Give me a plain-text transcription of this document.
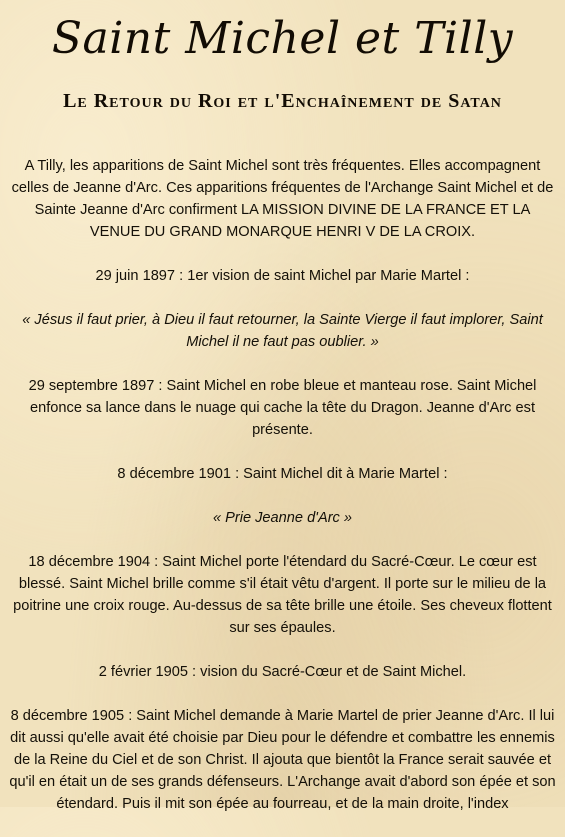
Saint Michel et Tilly
Le Retour du Roi et l'Enchaînement de Satan

A Tilly, les apparitions de Saint Michel sont très fréquentes. Elles accompagnent celles de Jeanne d'Arc. Ces apparitions fréquentes de l'Archange Saint Michel et de Sainte Jeanne d'Arc confirment LA MISSION DIVINE DE LA FRANCE ET LA VENUE DU GRAND MONARQUE HENRI V DE LA CROIX.

29 juin 1897 : 1er vision de saint Michel par Marie Martel :

« Jésus il faut prier, à Dieu il faut retourner, la Sainte Vierge il faut implorer, Saint Michel il ne faut pas oublier. »

29 septembre 1897 : Saint Michel en robe bleue et manteau rose. Saint Michel enfonce sa lance dans le nuage qui cache la tête du Dragon. Jeanne d'Arc est présente.

8 décembre 1901 : Saint Michel dit à Marie Martel :

« Prie Jeanne d'Arc »

18 décembre 1904 : Saint Michel porte l'étendard du Sacré-Cœur. Le cœur est blessé. Saint Michel brille comme s'il était vêtu d'argent. Il porte sur le milieu de la poitrine une croix rouge. Au-dessus de sa tête brille une étoile. Ses cheveux flottent sur ses épaules.

2 février 1905 : vision du Sacré-Cœur et de Saint Michel.

8 décembre 1905 : Saint Michel demande à Marie Martel de prier Jeanne d'Arc. Il lui dit aussi qu'elle avait été choisie par Dieu pour le défendre et combattre les ennemis de la Reine du Ciel et de son Christ. Il ajouta que bientôt la France serait sauvée et qu'il en était un de ses grands défenseurs. L'Archange avait d'abord son épée et son étendard. Puis il mit son épée au fourreau, et de la main droite, l'index
